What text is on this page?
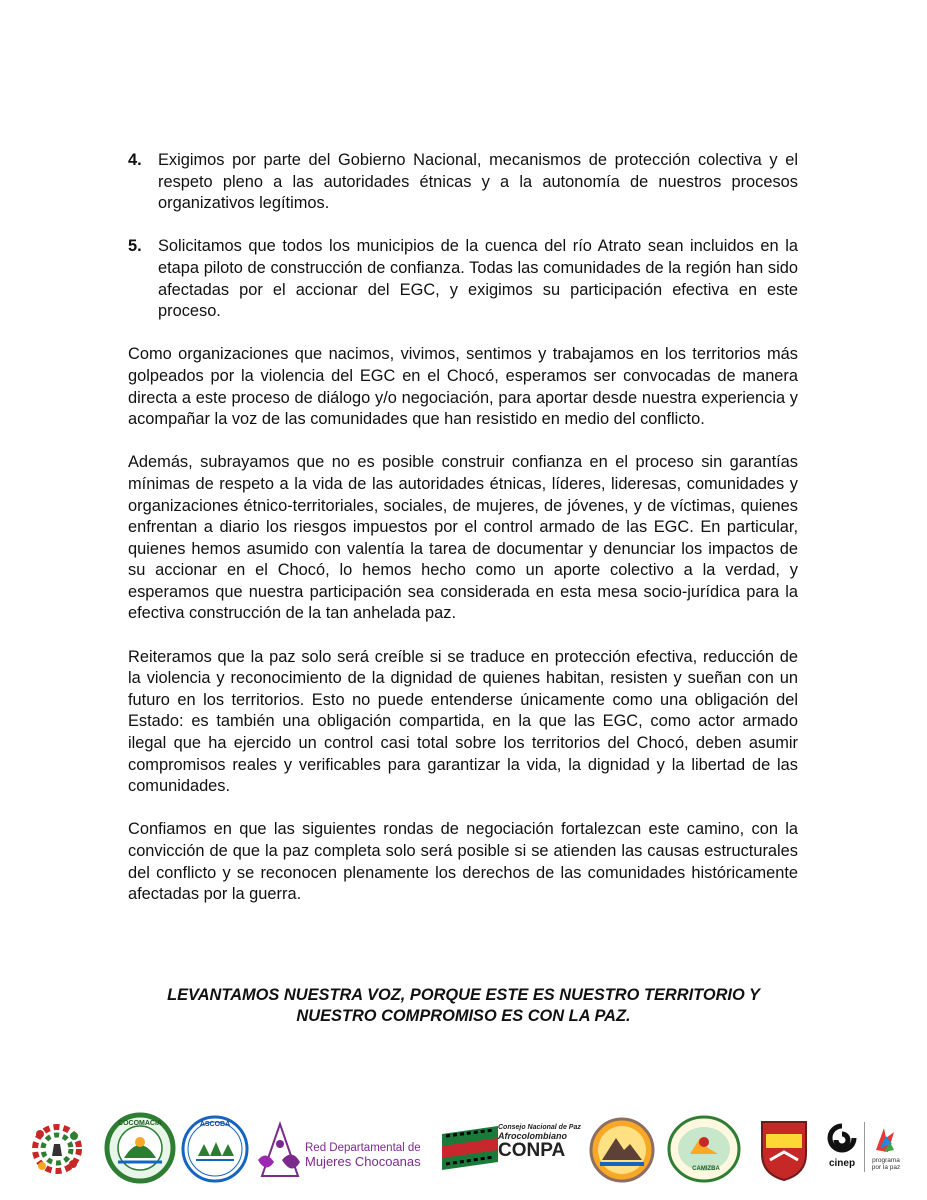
4. Exigimos por parte del Gobierno Nacional, mecanismos de protección colectiva y el respeto pleno a las autoridades étnicas y a la autonomía de nuestros procesos organizativos legítimos.
5. Solicitamos que todos los municipios de la cuenca del río Atrato sean incluidos en la etapa piloto de construcción de confianza. Todas las comunidades de la región han sido afectadas por el accionar del EGC, y exigimos su participación efectiva en este proceso.

Como organizaciones que nacimos, vivimos, sentimos y trabajamos en los territorios más golpeados por la violencia del EGC en el Chocó, esperamos ser convocadas de manera directa a este proceso de diálogo y/o negociación, para aportar desde nuestra experiencia y acompañar la voz de las comunidades que han resistido en medio del conflicto.

Además, subrayamos que no es posible construir confianza en el proceso sin garantías mínimas de respeto a la vida de las autoridades étnicas, líderes, lideresas, comunidades y organizaciones étnico-territoriales, sociales, de mujeres, de jóvenes, y de víctimas, quienes enfrentan a diario los riesgos impuestos por el control armado de las EGC. En particular, quienes hemos asumido con valentía la tarea de documentar y denunciar los impactos de su accionar en el Chocó, lo hemos hecho como un aporte colectivo a la verdad, y esperamos que nuestra participación sea considerada en esta mesa socio-jurídica para la efectiva construcción de la tan anhelada paz.

Reiteramos que la paz solo será creíble si se traduce en protección efectiva, reducción de la violencia y reconocimiento de la dignidad de quienes habitan, resisten y sueñan con un futuro en los territorios. Esto no puede entenderse únicamente como una obligación del Estado: es también una obligación compartida, en la que las EGC, como actor armado ilegal que ha ejercido un control casi total sobre los territorios del Chocó, deben asumir compromisos reales y verificables para garantizar la vida, la dignidad y la libertad de las comunidades.

Confiamos en que las siguientes rondas de negociación fortalezcan este camino, con la convicción de que la paz completa solo será posible si se atienden las causas estructurales del conflicto y se reconocen plenamente los derechos de las comunidades históricamente afectadas por la guerra.

LEVANTAMOS NUESTRA VOZ, PORQUE ESTE ES NUESTRO TERRITORIO Y
NUESTRO COMPROMISO ES CON LA PAZ.
COCOMACIA	ASCOBA
Red Departamental de
Mujeres Chocoanas
Consejo Nacional de Paz
Afrocolombiano
CONPA
CAMIZBA	cinep	programa
por la paz
